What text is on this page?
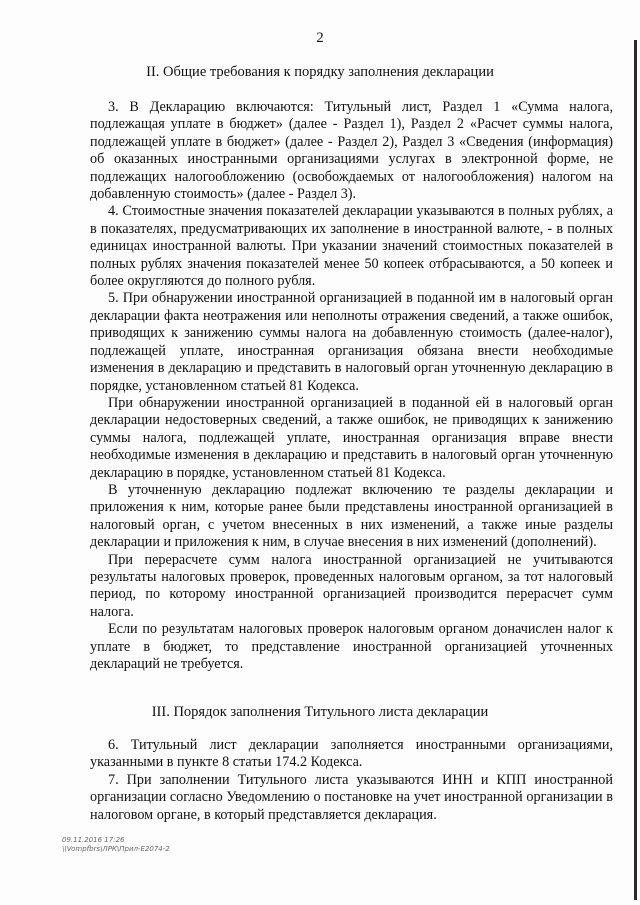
2
II. Общие требования к порядку заполнения декларации

3. В Декларацию включаются: Титульный лист, Раздел 1 «Сумма налога, подлежащая уплате в бюджет» (далее - Раздел 1), Раздел 2 «Расчет суммы налога, подлежащей уплате в бюджет» (далее - Раздел 2), Раздел 3 «Сведения (информация) об оказанных иностранными организациями услугах в электронной форме, не подлежащих налогообложению (освобождаемых от налогообложения) налогом на добавленную стоимость» (далее - Раздел 3).

4. Стоимостные значения показателей декларации указываются в полных рублях, а в показателях, предусматривающих их заполнение в иностранной валюте, - в полных единицах иностранной валюты. При указании значений стоимостных показателей в полных рублях значения показателей менее 50 копеек отбрасываются, а 50 копеек и более округляются до полного рубля.

5. При обнаружении иностранной организацией в поданной им в налоговый орган декларации факта неотражения или неполноты отражения сведений, а также ошибок, приводящих к занижению суммы налога на добавленную стоимость (далее-налог), подлежащей уплате, иностранная организация обязана внести необходимые изменения в декларацию и представить в налоговый орган уточненную декларацию в порядке, установленном статьей 81 Кодекса.

При обнаружении иностранной организацией в поданной ей в налоговый орган декларации недостоверных сведений, а также ошибок, не приводящих к занижению суммы налога, подлежащей уплате, иностранная организация вправе внести необходимые изменения в декларацию и представить в налоговый орган уточненную декларацию в порядке, установленном статьей 81 Кодекса.

В уточненную декларацию подлежат включению те разделы декларации и приложения к ним, которые ранее были представлены иностранной организацией в налоговый орган, с учетом внесенных в них изменений, а также иные разделы декларации и приложения к ним, в случае внесения в них изменений (дополнений).

При перерасчете сумм налога иностранной организацией не учитываются результаты налоговых проверок, проведенных налоговым органом, за тот налоговый период, по которому иностранной организацией производится перерасчет сумм налога.

Если по результатам налоговых проверок налоговым органом доначислен налог к уплате в бюджет, то представление иностранной организацией уточненных деклараций не требуется.

III. Порядок заполнения Титульного листа декларации

6. Титульный лист декларации заполняется иностранными организациями, указанными в пункте 8 статьи 174.2 Кодекса.

7. При заполнении Титульного листа указываются ИНН и КПП иностранной организации согласно Уведомлению о постановке на учет иностранной организации в налоговом органе, в который представляется декларация.

09.11.2016 17:26
\\Vompfbrs\ЛРК\Прил-Е2074-2
